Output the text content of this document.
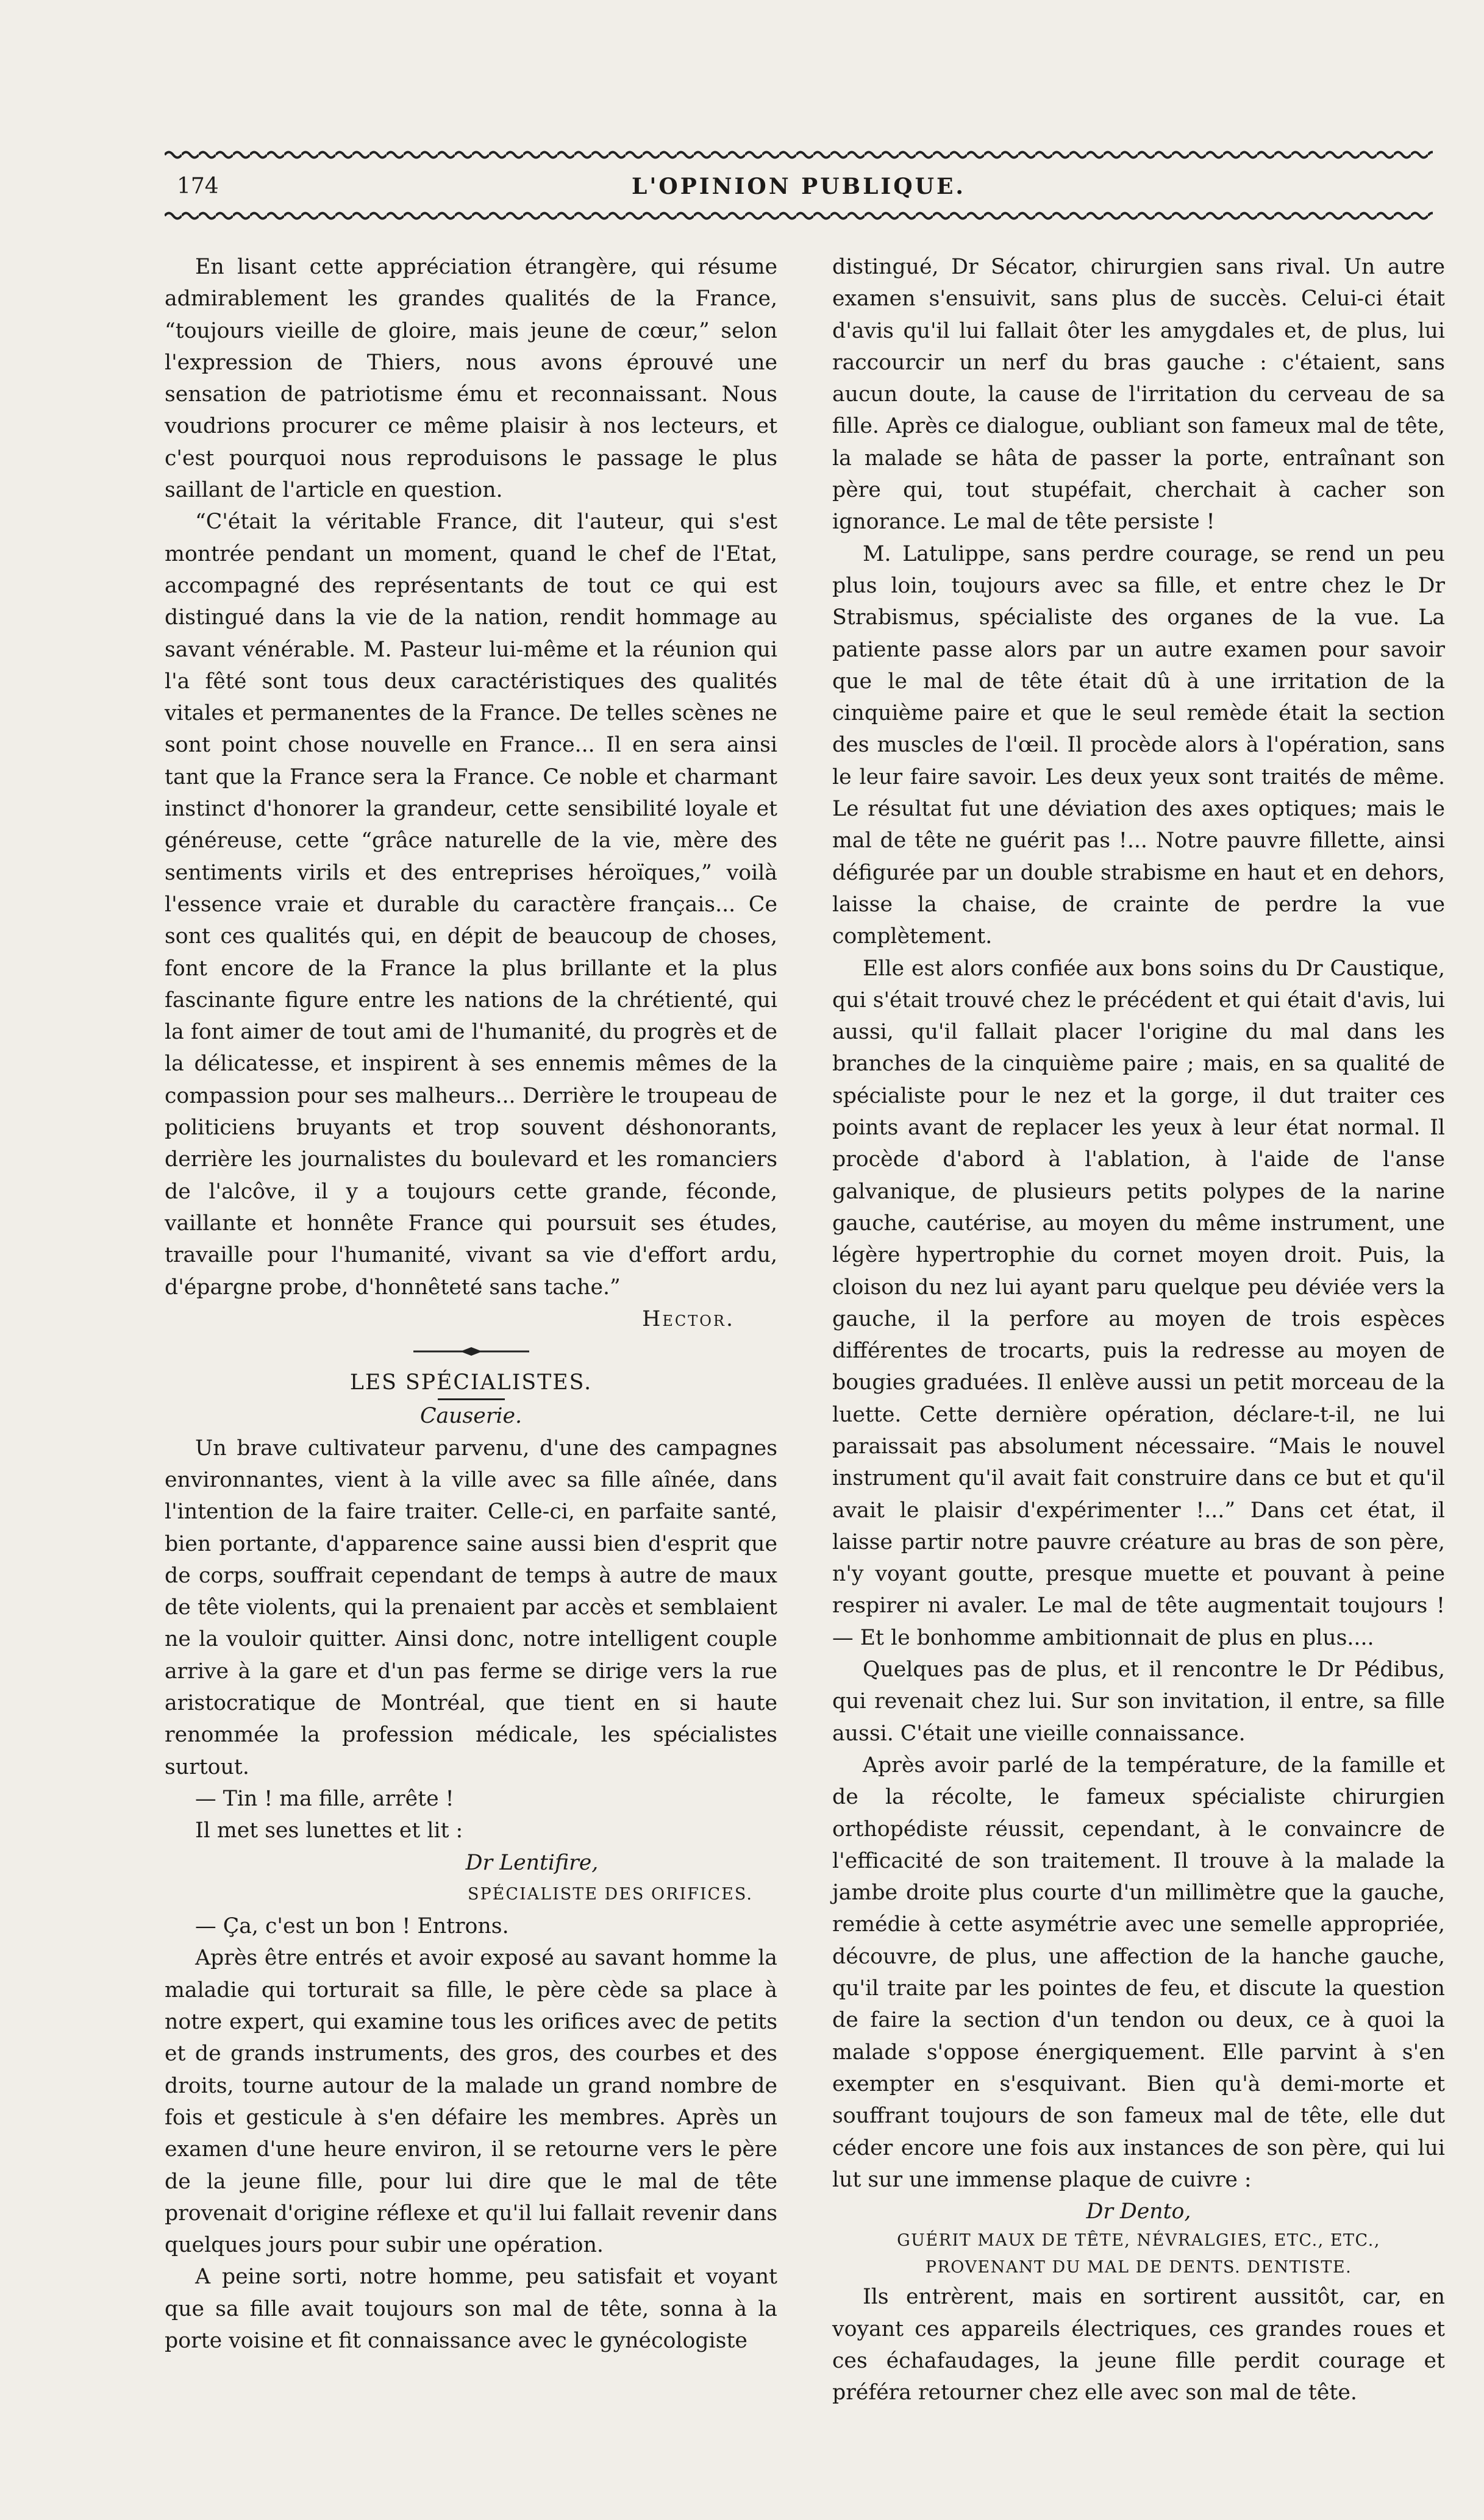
174	L'OPINION PUBLIQUE.

En lisant cette appréciation étrangère, qui résume admirablement les grandes qualités de la France, “toujours vieille de gloire, mais jeune de cœur,” selon l'expression de Thiers, nous avons éprouvé une sensation de patriotisme ému et reconnaissant. Nous voudrions procurer ce même plaisir à nos lecteurs, et c'est pourquoi nous reproduisons le passage le plus saillant de l'article en question.

“C'était la véritable France, dit l'auteur, qui s'est montrée pendant un moment, quand le chef de l'Etat, accompagné des représentants de tout ce qui est distingué dans la vie de la nation, rendit hommage au savant vénérable. M. Pasteur lui-même et la réunion qui l'a fêté sont tous deux caractéristiques des qualités vitales et permanentes de la France. De telles scènes ne sont point chose nouvelle en France... Il en sera ainsi tant que la France sera la France. Ce noble et charmant instinct d'honorer la grandeur, cette sensibilité loyale et généreuse, cette “grâce naturelle de la vie, mère des sentiments virils et des entreprises héroïques,” voilà l'essence vraie et durable du caractère français... Ce sont ces qualités qui, en dépit de beaucoup de choses, font encore de la France la plus brillante et la plus fascinante figure entre les nations de la chrétienté, qui la font aimer de tout ami de l'humanité, du progrès et de la délicatesse, et inspirent à ses ennemis mêmes de la compassion pour ses malheurs... Derrière le troupeau de politiciens bruyants et trop souvent déshonorants, derrière les journalistes du boulevard et les romanciers de l'alcôve, il y a toujours cette grande, féconde, vaillante et honnête France qui poursuit ses études, travaille pour l'humanité, vivant sa vie d'effort ardu, d'épargne probe, d'honnêteté sans tache.”

Hector.

LES SPÉCIALISTES.

Causerie.

Un brave cultivateur parvenu, d'une des campagnes environnantes, vient à la ville avec sa fille aînée, dans l'intention de la faire traiter. Celle-ci, en parfaite santé, bien portante, d'apparence saine aussi bien d'esprit que de corps, souffrait cependant de temps à autre de maux de tête violents, qui la prenaient par accès et semblaient ne la vouloir quitter. Ainsi donc, notre intelligent couple arrive à la gare et d'un pas ferme se dirige vers la rue aristocratique de Montréal, que tient en si haute renommée la profession médicale, les spécialistes surtout.

— Tin ! ma fille, arrête !

Il met ses lunettes et lit :

Dr Lentifire,

SPÉCIALISTE DES ORIFICES.

— Ça, c'est un bon ! Entrons.

Après être entrés et avoir exposé au savant homme la maladie qui torturait sa fille, le père cède sa place à notre expert, qui examine tous les orifices avec de petits et de grands instruments, des gros, des courbes et des droits, tourne autour de la malade un grand nombre de fois et gesticule à s'en défaire les membres. Après un examen d'une heure environ, il se retourne vers le père de la jeune fille, pour lui dire que le mal de tête provenait d'origine réflexe et qu'il lui fallait revenir dans quelques jours pour subir une opération.

A peine sorti, notre homme, peu satisfait et voyant que sa fille avait toujours son mal de tête, sonna à la porte voisine et fit connaissance avec le gynécologiste

distingué, Dr Sécator, chirurgien sans rival. Un autre examen s'ensuivit, sans plus de succès. Celui-ci était d'avis qu'il lui fallait ôter les amygdales et, de plus, lui raccourcir un nerf du bras gauche : c'étaient, sans aucun doute, la cause de l'irritation du cerveau de sa fille. Après ce dialogue, oubliant son fameux mal de tête, la malade se hâta de passer la porte, entraînant son père qui, tout stupéfait, cherchait à cacher son ignorance. Le mal de tête persiste !

M. Latulippe, sans perdre courage, se rend un peu plus loin, toujours avec sa fille, et entre chez le Dr Strabismus, spécialiste des organes de la vue. La patiente passe alors par un autre examen pour savoir que le mal de tête était dû à une irritation de la cinquième paire et que le seul remède était la section des muscles de l'œil. Il procède alors à l'opération, sans le leur faire savoir. Les deux yeux sont traités de même. Le résultat fut une déviation des axes optiques; mais le mal de tête ne guérit pas !... Notre pauvre fillette, ainsi défigurée par un double strabisme en haut et en dehors, laisse la chaise, de crainte de perdre la vue complètement.

Elle est alors confiée aux bons soins du Dr Caustique, qui s'était trouvé chez le précédent et qui était d'avis, lui aussi, qu'il fallait placer l'origine du mal dans les branches de la cinquième paire ; mais, en sa qualité de spécialiste pour le nez et la gorge, il dut traiter ces points avant de replacer les yeux à leur état normal. Il procède d'abord à l'ablation, à l'aide de l'anse galvanique, de plusieurs petits polypes de la narine gauche, cautérise, au moyen du même instrument, une légère hypertrophie du cornet moyen droit. Puis, la cloison du nez lui ayant paru quelque peu déviée vers la gauche, il la perfore au moyen de trois espèces différentes de trocarts, puis la redresse au moyen de bougies graduées. Il enlève aussi un petit morceau de la luette. Cette dernière opération, déclare-t-il, ne lui paraissait pas absolument nécessaire. “Mais le nouvel instrument qu'il avait fait construire dans ce but et qu'il avait le plaisir d'expérimenter !...” Dans cet état, il laisse partir notre pauvre créature au bras de son père, n'y voyant goutte, presque muette et pouvant à peine respirer ni avaler. Le mal de tête augmentait toujours ! — Et le bonhomme ambitionnait de plus en plus....

Quelques pas de plus, et il rencontre le Dr Pédibus, qui revenait chez lui. Sur son invitation, il entre, sa fille aussi. C'était une vieille connaissance.

Après avoir parlé de la température, de la famille et de la récolte, le fameux spécialiste chirurgien orthopédiste réussit, cependant, à le convaincre de l'efficacité de son traitement. Il trouve à la malade la jambe droite plus courte d'un millimètre que la gauche, remédie à cette asymétrie avec une semelle appropriée, découvre, de plus, une affection de la hanche gauche, qu'il traite par les pointes de feu, et discute la question de faire la section d'un tendon ou deux, ce à quoi la malade s'oppose énergiquement. Elle parvint à s'en exempter en s'esquivant. Bien qu'à demi-morte et souffrant toujours de son fameux mal de tête, elle dut céder encore une fois aux instances de son père, qui lui lut sur une immense plaque de cuivre :

Dr Dento,

GUÉRIT MAUX DE TÊTE, NÉVRALGIES, ETC., ETC.,

PROVENANT DU MAL DE DENTS. DENTISTE.

Ils entrèrent, mais en sortirent aussitôt, car, en voyant ces appareils électriques, ces grandes roues et ces échafaudages, la jeune fille perdit courage et préféra retourner chez elle avec son mal de tête.
